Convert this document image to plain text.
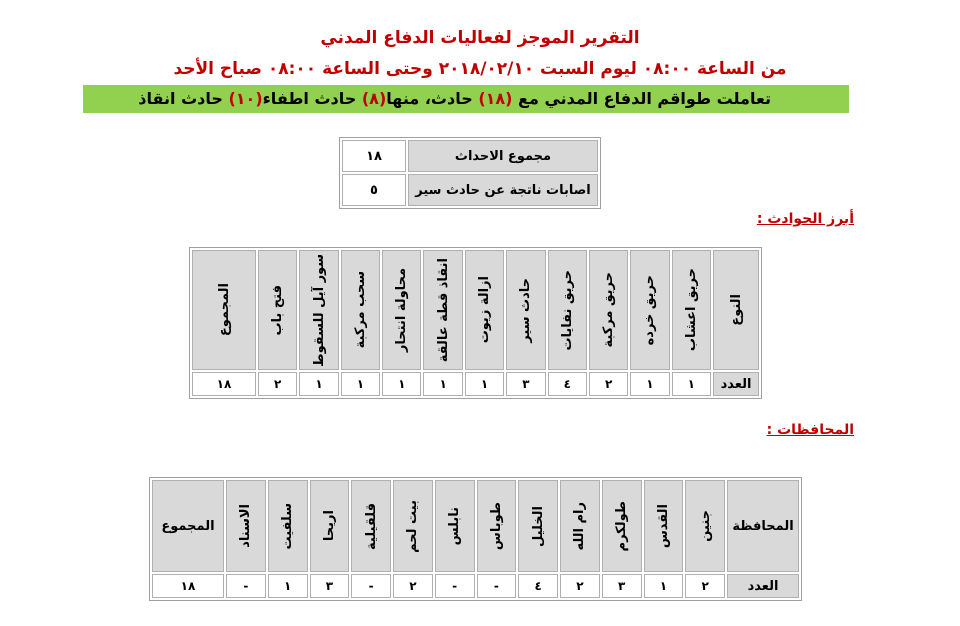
التقرير الموجز لفعاليات الدفاع المدني
من الساعة ٠٨:٠٠ ليوم السبت ٢٠١٨/٠٢/١٠ وحتى الساعة ٠٨:٠٠ صباح الأحد
تعاملت طواقم الدفاع المدني مع (١٨) حادث، منها(٨) حادث اطفاء(١٠) حادث انقاذ
مجموع الاحداث	١٨
اصابات ناتجة عن حادث سير	٥
أبرز الحوادث :
النوع	حريق اعشاب	حريق خرده	حريق مركبة	حريق نفايات	حادث سير	ازالة زيوت	انقاذ قطة عالقة	محاولة انتحار	سحب مركبة	سور آيل للسقوط	فتح باب	المجموع

العدد	١	١	٢	٤	٣	١	١	١	١	١	٢	١٨
المحافظات :
المحافظة	جنين	القدس	طولكرم	رام الله	الخليل	طوباس	نابلس	بيت لحم	قلقيلية	اريحا	سلفيت	الاسناد	المجموع
العدد	٢	١	٣	٢	٤	-	-	٢	-	٣	١	-	١٨
